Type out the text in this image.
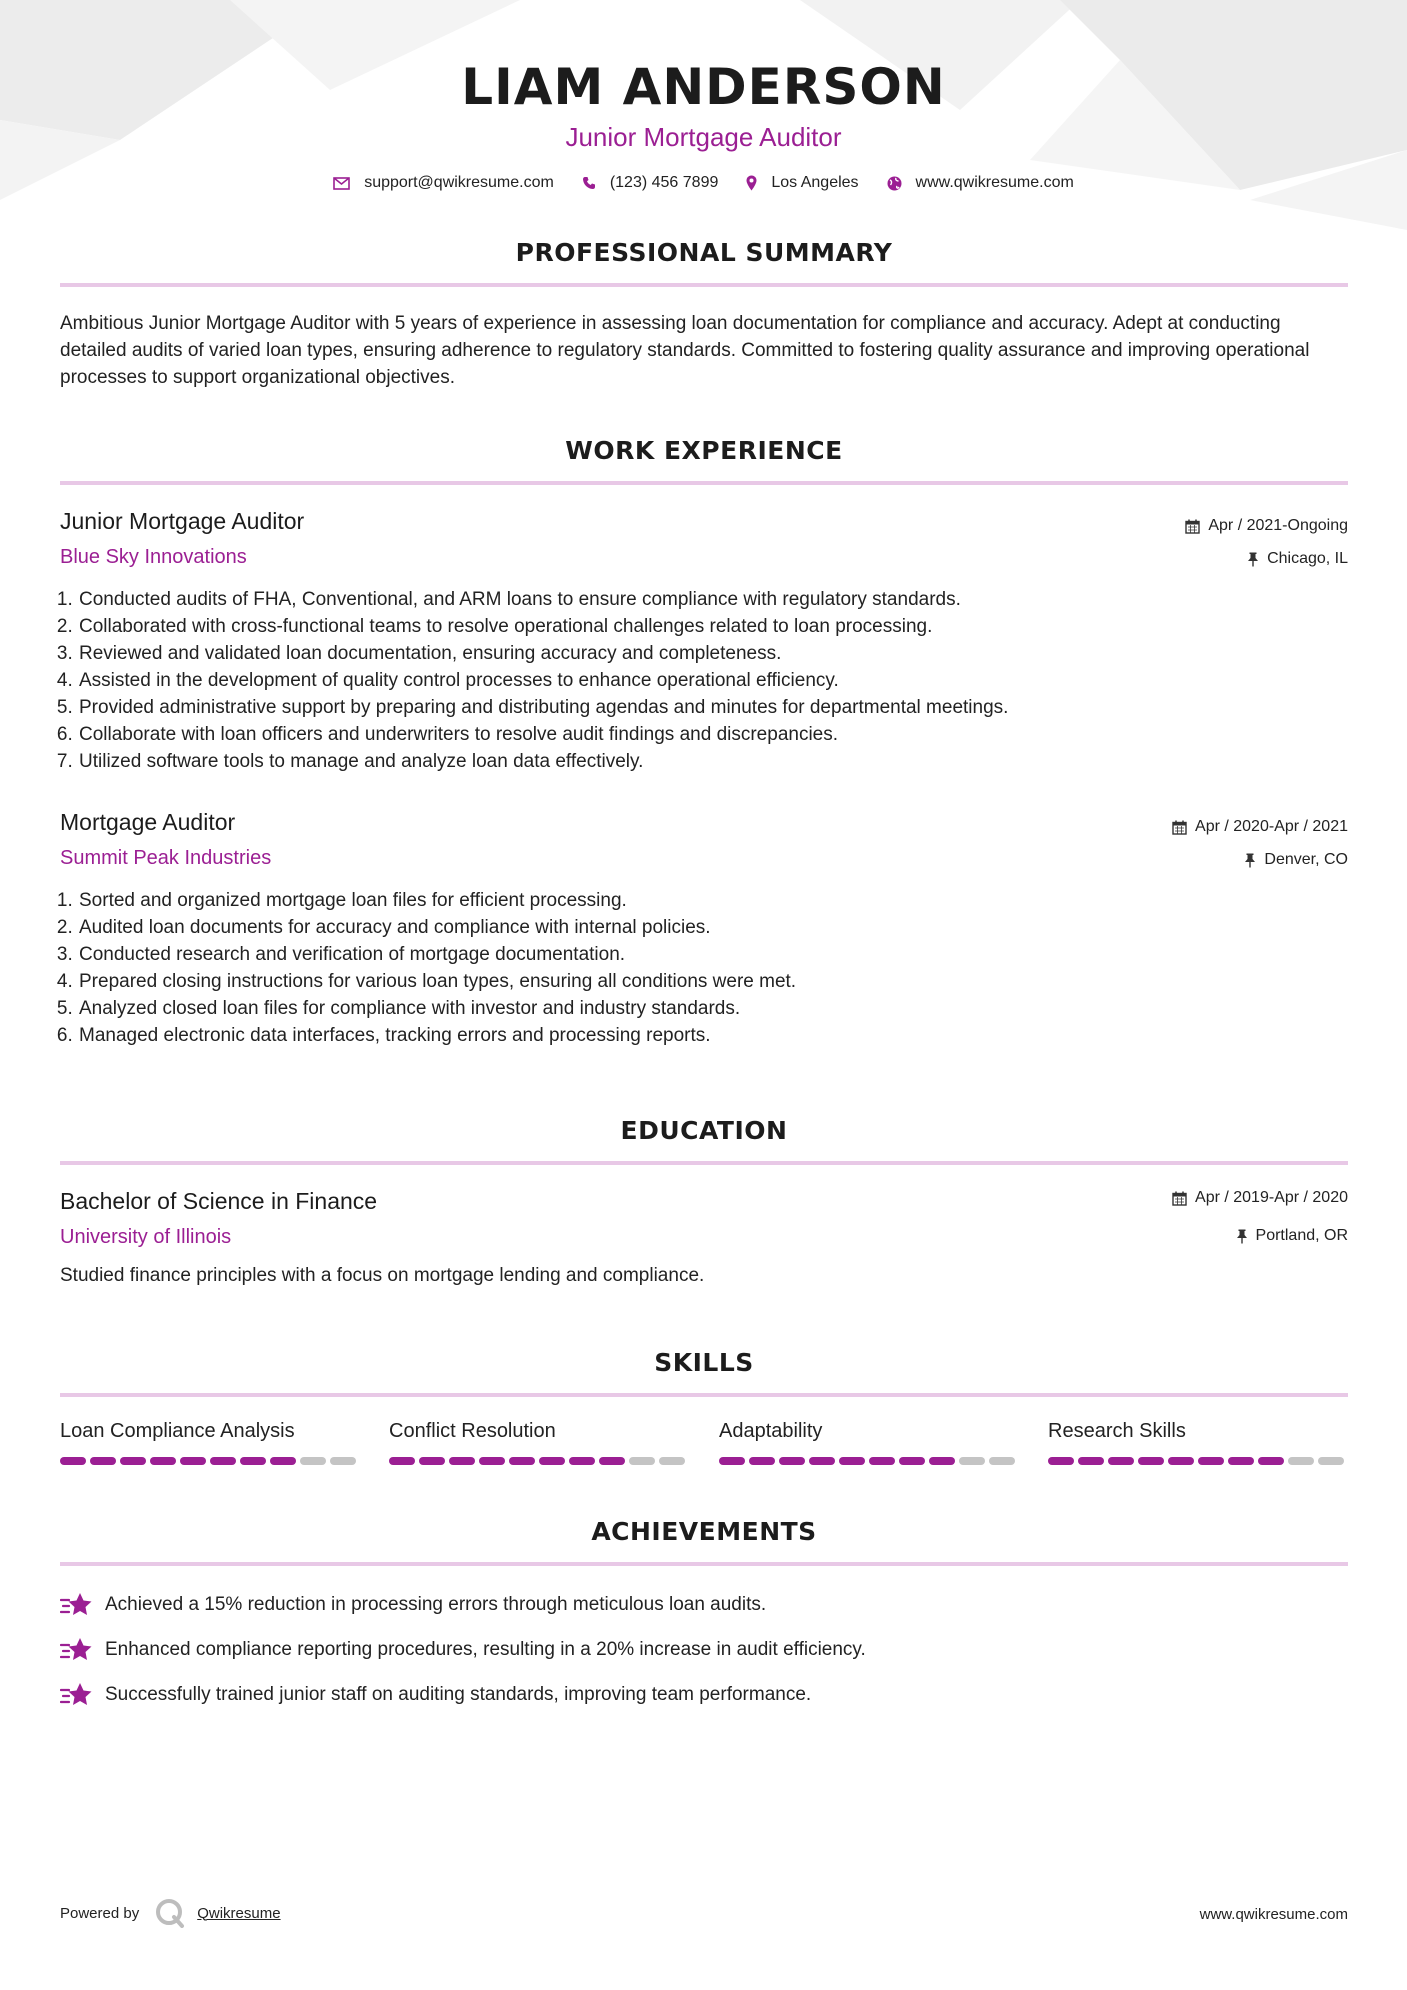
LIAM ANDERSON
Junior Mortgage Auditor
support@qwikresume.com	(123) 456 7899	Los Angeles	www.qwikresume.com
PROFESSIONAL SUMMARY
Ambitious Junior Mortgage Auditor with 5 years of experience in assessing loan documentation for compliance and accuracy. Adept at conducting detailed audits of varied loan types, ensuring adherence to regulatory standards. Committed to fostering quality assurance and improving operational processes to support organizational objectives.
WORK EXPERIENCE
Junior Mortgage Auditor
Blue Sky Innovations
Apr / 2021-Ongoing
Chicago, IL
1. Conducted audits of FHA, Conventional, and ARM loans to ensure compliance with regulatory standards.
2. Collaborated with cross-functional teams to resolve operational challenges related to loan processing.
3. Reviewed and validated loan documentation, ensuring accuracy and completeness.
4. Assisted in the development of quality control processes to enhance operational efficiency.
5. Provided administrative support by preparing and distributing agendas and minutes for departmental meetings.
6. Collaborate with loan officers and underwriters to resolve audit findings and discrepancies.
7. Utilized software tools to manage and analyze loan data effectively.
Mortgage Auditor
Summit Peak Industries
Apr / 2020-Apr / 2021
Denver, CO
1. Sorted and organized mortgage loan files for efficient processing.
2. Audited loan documents for accuracy and compliance with internal policies.
3. Conducted research and verification of mortgage documentation.
4. Prepared closing instructions for various loan types, ensuring all conditions were met.
5. Analyzed closed loan files for compliance with investor and industry standards.
6. Managed electronic data interfaces, tracking errors and processing reports.
EDUCATION
Bachelor of Science in Finance
University of Illinois
Apr / 2019-Apr / 2020
Portland, OR
Studied finance principles with a focus on mortgage lending and compliance.
SKILLS
Loan Compliance Analysis	Conflict Resolution	Adaptability	Research Skills
ACHIEVEMENTS
Achieved a 15% reduction in processing errors through meticulous loan audits.
Enhanced compliance reporting procedures, resulting in a 20% increase in audit efficiency.
Successfully trained junior staff on auditing standards, improving team performance.
Powered by	Qwikresume	www.qwikresume.com
